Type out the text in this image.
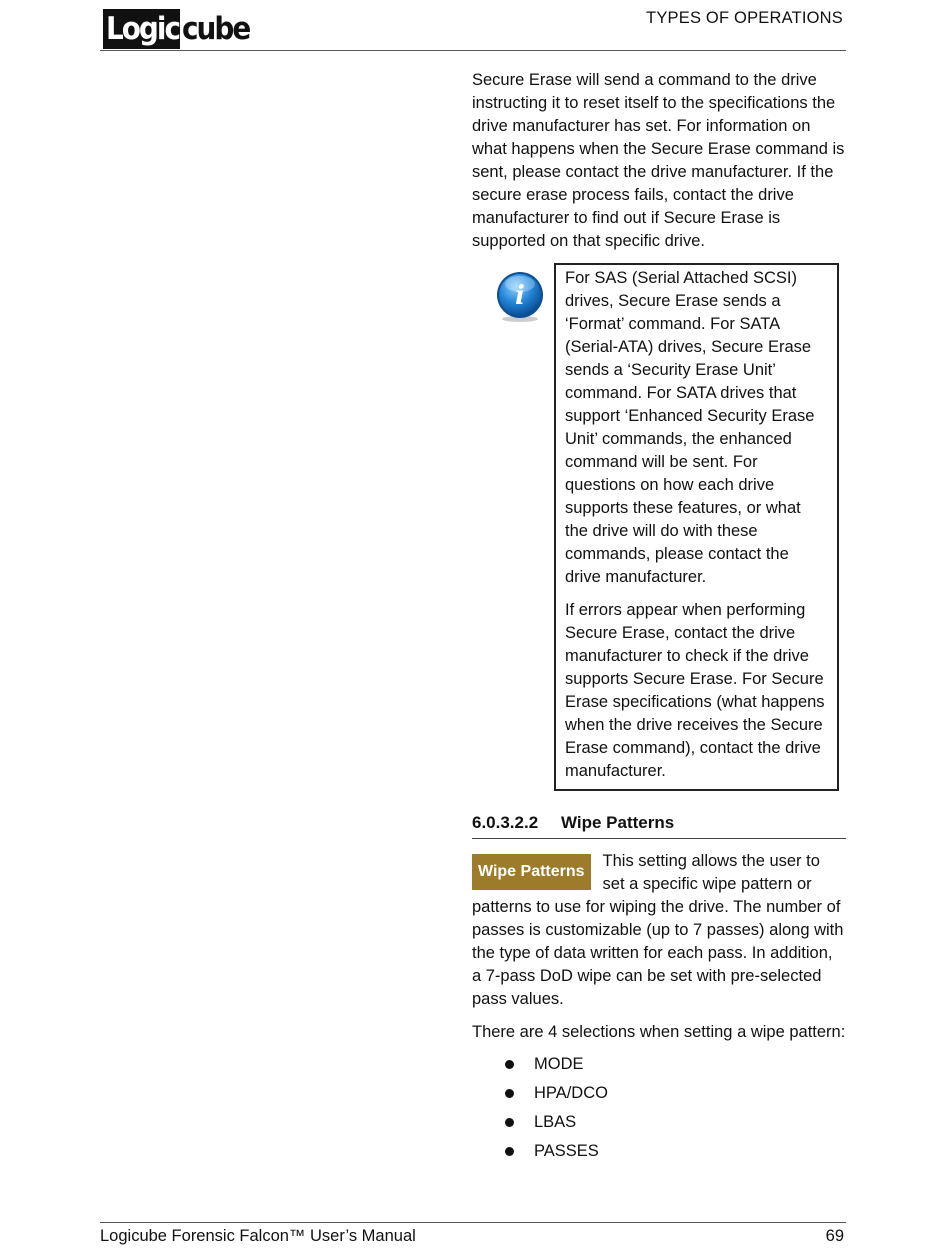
Logic cube	TYPES OF OPERATIONS

Secure Erase will send a command to the drive instructing it to reset itself to the specifications the drive manufacturer has set. For information on what happens when the Secure Erase command is sent, please contact the drive manufacturer. If the secure erase process fails, contact the drive manufacturer to find out if Secure Erase is supported on that specific drive.

i

For SAS (Serial Attached SCSI) drives, Secure Erase sends a ‘Format’ command. For SATA (Serial-ATA) drives, Secure Erase sends a ‘Security Erase Unit’ command. For SATA drives that support ‘Enhanced Security Erase Unit’ commands, the enhanced command will be sent. For questions on how each drive supports these features, or what the drive will do with these commands, please contact the drive manufacturer.

If errors appear when performing Secure Erase, contact the drive manufacturer to check if the drive supports Secure Erase. For Secure Erase specifications (what happens when the drive receives the Secure Erase command), contact the drive manufacturer.

6.0.3.2.2 Wipe Patterns
Wipe Patterns
This setting allows the user to set a specific wipe pattern or patterns to use for wiping the drive. The number of passes is customizable (up to 7 passes) along with the type of data written for each pass. In addition, a 7-pass DoD wipe can be set with pre-selected pass values.

There are 4 selections when setting a wipe pattern:

MODE
HPA/DCO
LBAS
PASSES
Logicube Forensic Falcon™ User’s Manual	69
